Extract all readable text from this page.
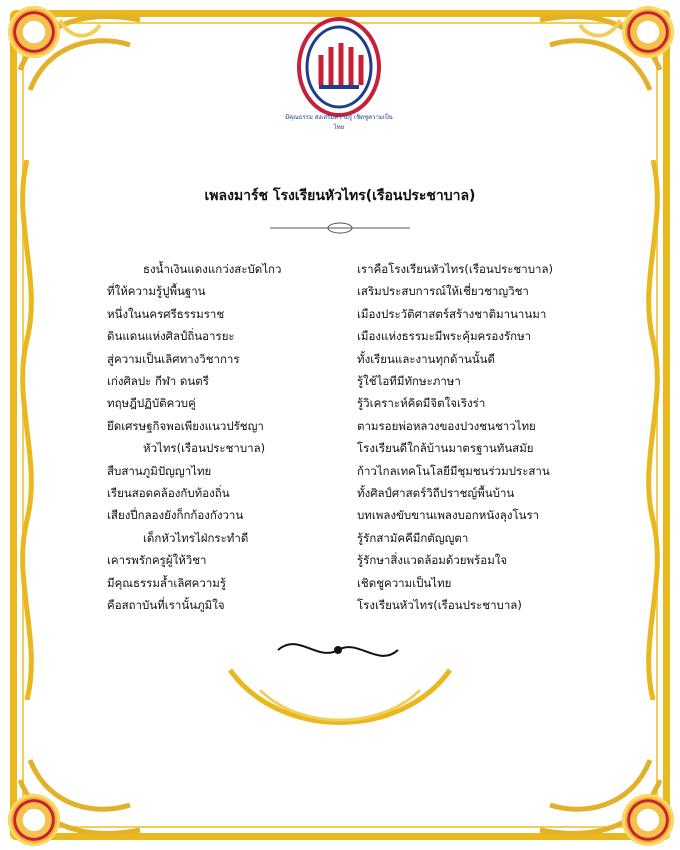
มีคุณธรรม ส่งเสริมความรู้ เชิดชูความเป็นไทย
เพลงมาร์ช โรงเรียนหัวไทร(เรือนประชาบาล)
ธงน้ำเงินแดงแกว่งสะบัดไกว
ที่ให้ความรู้ปูพื้นฐาน
หนึ่งในนครศรีธรรมราช
ดินแดนแห่งศิลป์ถิ่นอารยะ
สู่ความเป็นเลิศทางวิชาการ
เก่งศิลปะ กีฬา ดนตรี
ทฤษฎีปฏิบัติควบคู่
ยึดเศรษฐกิจพอเพียงแนวปรัชญา
หัวไทร(เรือนประชาบาล)
สืบสานภูมิปัญญาไทย
เรียนสอดคล้องกับท้องถิ่น
เสียงปี่กลองยังก็กก้องกังวาน
เด็กหัวไทรไฝ่กระทำดี
เคารพรักครูผู้ให้วิชา
มีคุณธรรมล้ำเลิศความรู้
คือสถาบันที่เรานั้นภูมิใจ
เราคือโรงเรียนหัวไทร(เรือนประชาบาล)
เสริมประสบการณ์ให้เชี่ยวชาญวิชา
เมืองประวัติศาสตร์สร้างชาติมานานมา
เมืองแห่งธรรมะมีพระคุ้มครองรักษา
ทั้งเรียนและงานทุกด้านนั้นดี
รู้ใช้ไอทีมีทักษะภาษา
รู้วิเคราะห์คิดมีจิตใจเริงร่า
ตามรอยพ่อหลวงของปวงชนชาวไทย
โรงเรียนดีใกล้บ้านมาตรฐานทันสมัย
ก้าวไกลเทคโนโลยีมีชุมชนร่วมประสาน
ทั้งศิลป์ศาสตร์วิถีปราชญ์พื้นบ้าน
บทเพลงขับขานเพลงบอกหนังลุงโนรา
รู้รักสามัคคีมีกตัญญูตา
รู้รักษาสิ่งแวดล้อมด้วยพร้อมใจ
เชิดชูความเป็นไทย
โรงเรียนหัวไทร(เรือนประชาบาล)
